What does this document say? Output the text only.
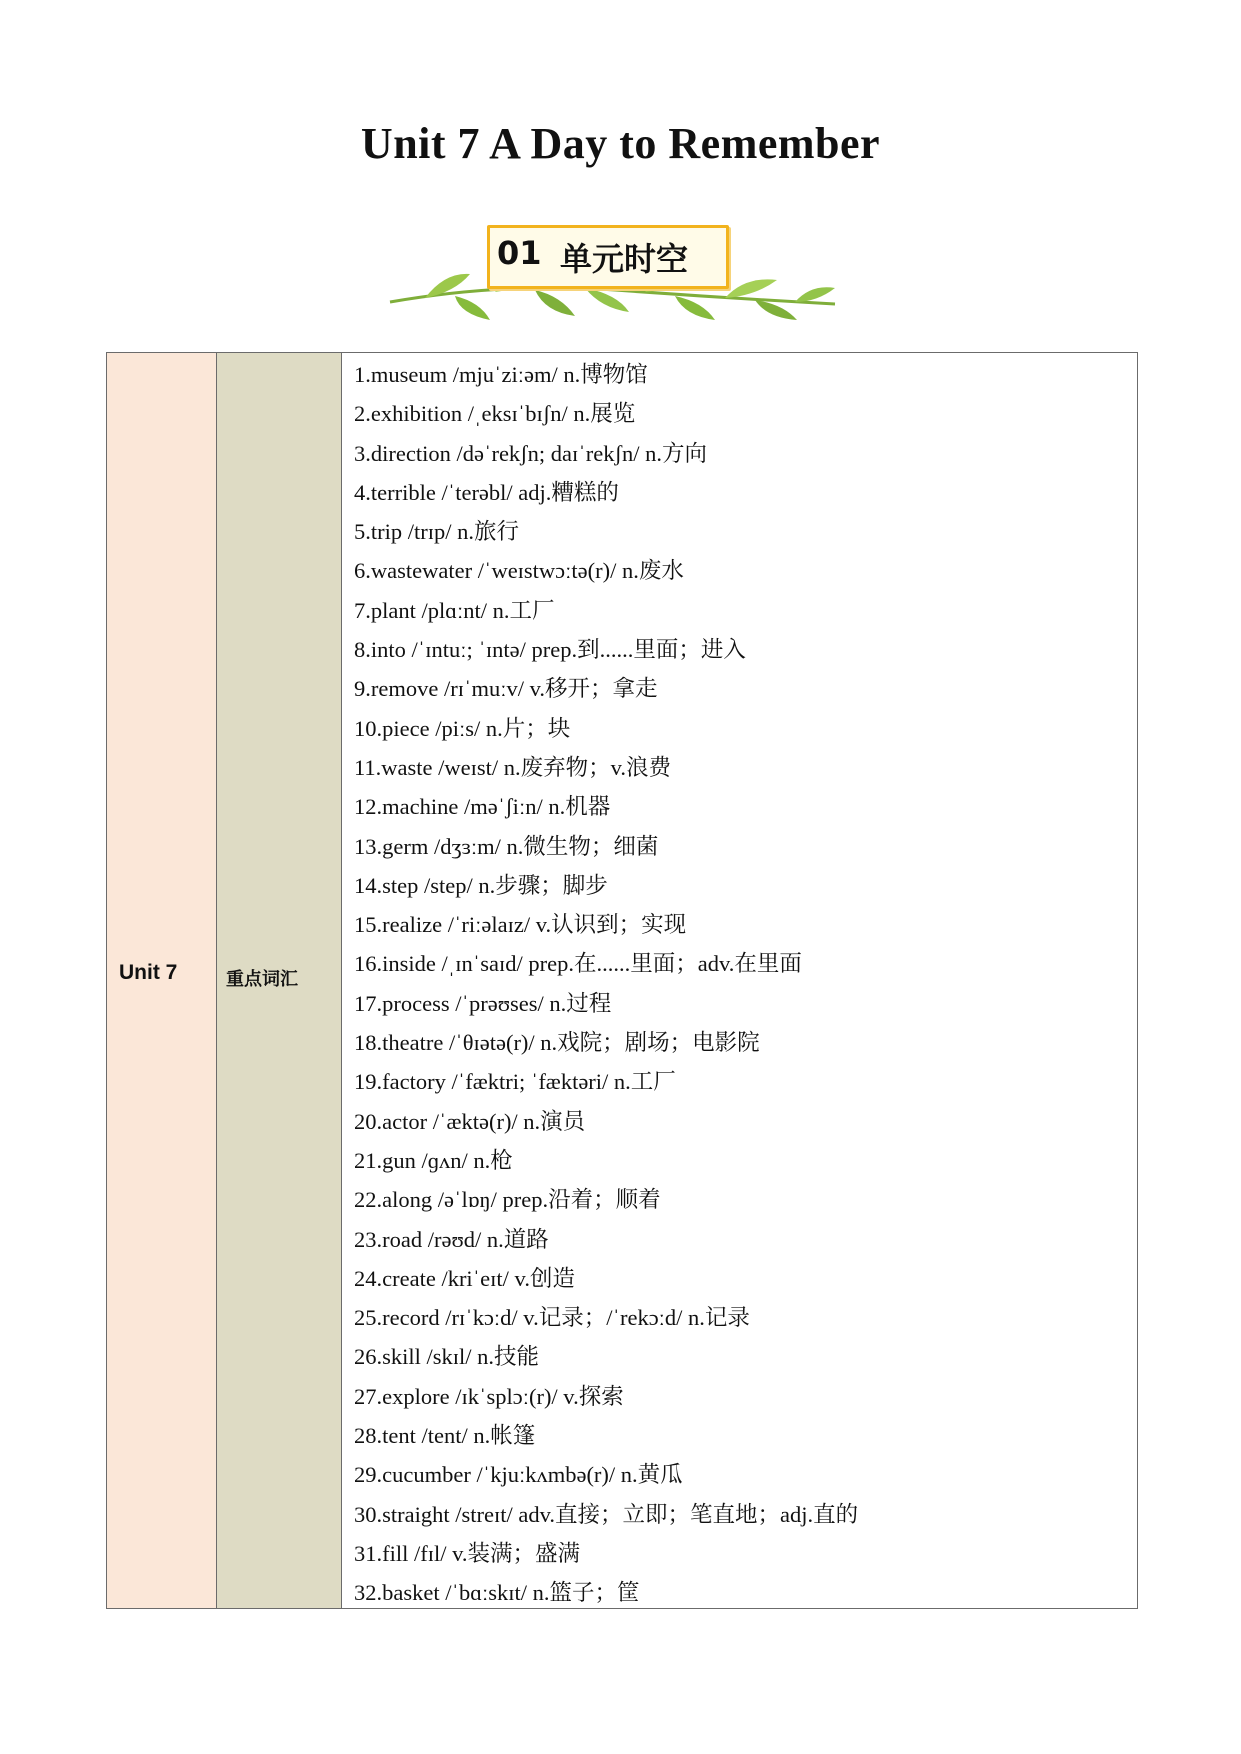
Unit 7 A Day to Remember
01 单元时空
Unit 7	重点词汇
1.museum /mjuˈziːəm/ n.博物馆
2.exhibition /ˌeksɪˈbɪʃn/ n.展览
3.direction /dəˈrekʃn; daɪˈrekʃn/ n.方向
4.terrible /ˈterəbl/ adj.糟糕的
5.trip /trɪp/ n.旅行
6.wastewater /ˈweɪstwɔːtə(r)/ n.废水
7.plant /plɑːnt/ n.工厂
8.into /ˈɪntuː; ˈɪntə/ prep.到......里面；进入
9.remove /rɪˈmuːv/ v.移开；拿走
10.piece /piːs/ n.片；块
11.waste /weɪst/ n.废弃物；v.浪费
12.machine /məˈʃiːn/ n.机器
13.germ /dʒɜːm/ n.微生物；细菌
14.step /step/ n.步骤；脚步
15.realize /ˈriːəlaɪz/ v.认识到；实现
16.inside /ˌɪnˈsaɪd/ prep.在......里面；adv.在里面
17.process /ˈprəʊses/ n.过程
18.theatre /ˈθɪətə(r)/ n.戏院；剧场；电影院
19.factory /ˈfæktri; ˈfæktəri/ n.工厂
20.actor /ˈæktə(r)/ n.演员
21.gun /ɡʌn/ n.枪
22.along /əˈlɒŋ/ prep.沿着；顺着
23.road /rəʊd/ n.道路
24.create /kriˈeɪt/ v.创造
25.record /rɪˈkɔːd/ v.记录；/ˈrekɔːd/ n.记录
26.skill /skɪl/ n.技能
27.explore /ɪkˈsplɔː(r)/ v.探索
28.tent /tent/ n.帐篷
29.cucumber /ˈkjuːkʌmbə(r)/ n.黄瓜
30.straight /streɪt/ adv.直接；立即；笔直地；adj.直的
31.fill /fɪl/ v.装满；盛满
32.basket /ˈbɑːskɪt/ n.篮子；筐
